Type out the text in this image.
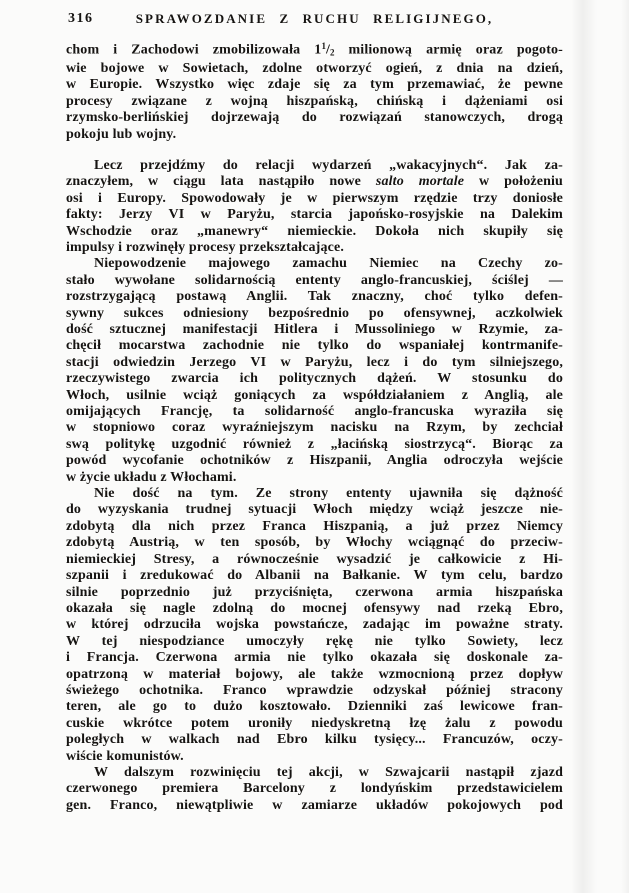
316	SPRAWOZDANIE Z RUCHU RELIGIJNEGO,
chom i Zachodowi zmobilizowała $1^1/_2$ milionową armię oraz pogoto-
wie bojowe w Sowietach, zdolne otworzyć ogień, z dnia na dzień,
w Europie. Wszystko więc zdaje się za tym przemawiać, że pewne
procesy związane z wojną hiszpańską, chińską i dążeniami osi
rzymsko-berlińskiej dojrzewają do rozwiązań stanowczych, drogą
pokoju lub wojny.
Lecz przejdźmy do relacji wydarzeń „wakacyjnych“. Jak za-
znaczyłem, w ciągu lata nastąpiło nowe salto mortale w położeniu
osi i Europy. Spowodowały je w pierwszym rzędzie trzy doniosłe
fakty: Jerzy VI w Paryżu, starcia japońsko-rosyjskie na Dalekim
Wschodzie oraz „manewry“ niemieckie. Dokoła nich skupiły się
impulsy i rozwinęły procesy przekształcające.
Niepowodzenie majowego zamachu Niemiec na Czechy zo-
stało wywołane solidarnością ententy anglo-francuskiej, ściślej —
rozstrzygającą postawą Anglii. Tak znaczny, choć tylko defen-
sywny sukces odniesiony bezpośrednio po ofensywnej, aczkolwiek
dość sztucznej manifestacji Hitlera i Mussoliniego w Rzymie, za-
chęcił mocarstwa zachodnie nie tylko do wspaniałej kontrmanife-
stacji odwiedzin Jerzego VI w Paryżu, lecz i do tym silniejszego,
rzeczywistego zwarcia ich politycznych dążeń. W stosunku do
Włoch, usilnie wciąż goniących za współdziałaniem z Anglią, ale
omijających Francję, ta solidarność anglo-francuska wyraziła się
w stopniowo coraz wyraźniejszym nacisku na Rzym, by zechciał
swą politykę uzgodnić również z „łacińską siostrzycą“. Biorąc za
powód wycofanie ochotników z Hiszpanii, Anglia odroczyła wejście
w życie układu z Włochami.
Nie dość na tym. Ze strony ententy ujawniła się dążność
do wyzyskania trudnej sytuacji Włoch między wciąż jeszcze nie-
zdobytą dla nich przez Franca Hiszpanią, a już przez Niemcy
zdobytą Austrią, w ten sposób, by Włochy wciągnąć do przeciw-
niemieckiej Stresy, a równocześnie wysadzić je całkowicie z Hi-
szpanii i zredukować do Albanii na Bałkanie. W tym celu, bardzo
silnie poprzednio już przyciśnięta, czerwona armia hiszpańska
okazała się nagle zdolną do mocnej ofensywy nad rzeką Ebro,
w której odrzuciła wojska powstańcze, zadając im poważne straty.
W tej niespodziance umoczyły rękę nie tylko Sowiety, lecz
i Francja. Czerwona armia nie tylko okazała się doskonale za-
opatrzoną w materiał bojowy, ale także wzmocnioną przez dopływ
świeżego ochotnika. Franco wprawdzie odzyskał później stracony
teren, ale go to dużo kosztowało. Dzienniki zaś lewicowe fran-
cuskie wkrótce potem uroniły niedyskretną łzę żalu z powodu
poległych w walkach nad Ebro kilku tysięcy... Francuzów, oczy-
wiście komunistów.
W dalszym rozwinięciu tej akcji, w Szwajcarii nastąpił zjazd
czerwonego premiera Barcelony z londyńskim przedstawicielem
gen. Franco, niewątpliwie w zamiarze układów pokojowych pod
